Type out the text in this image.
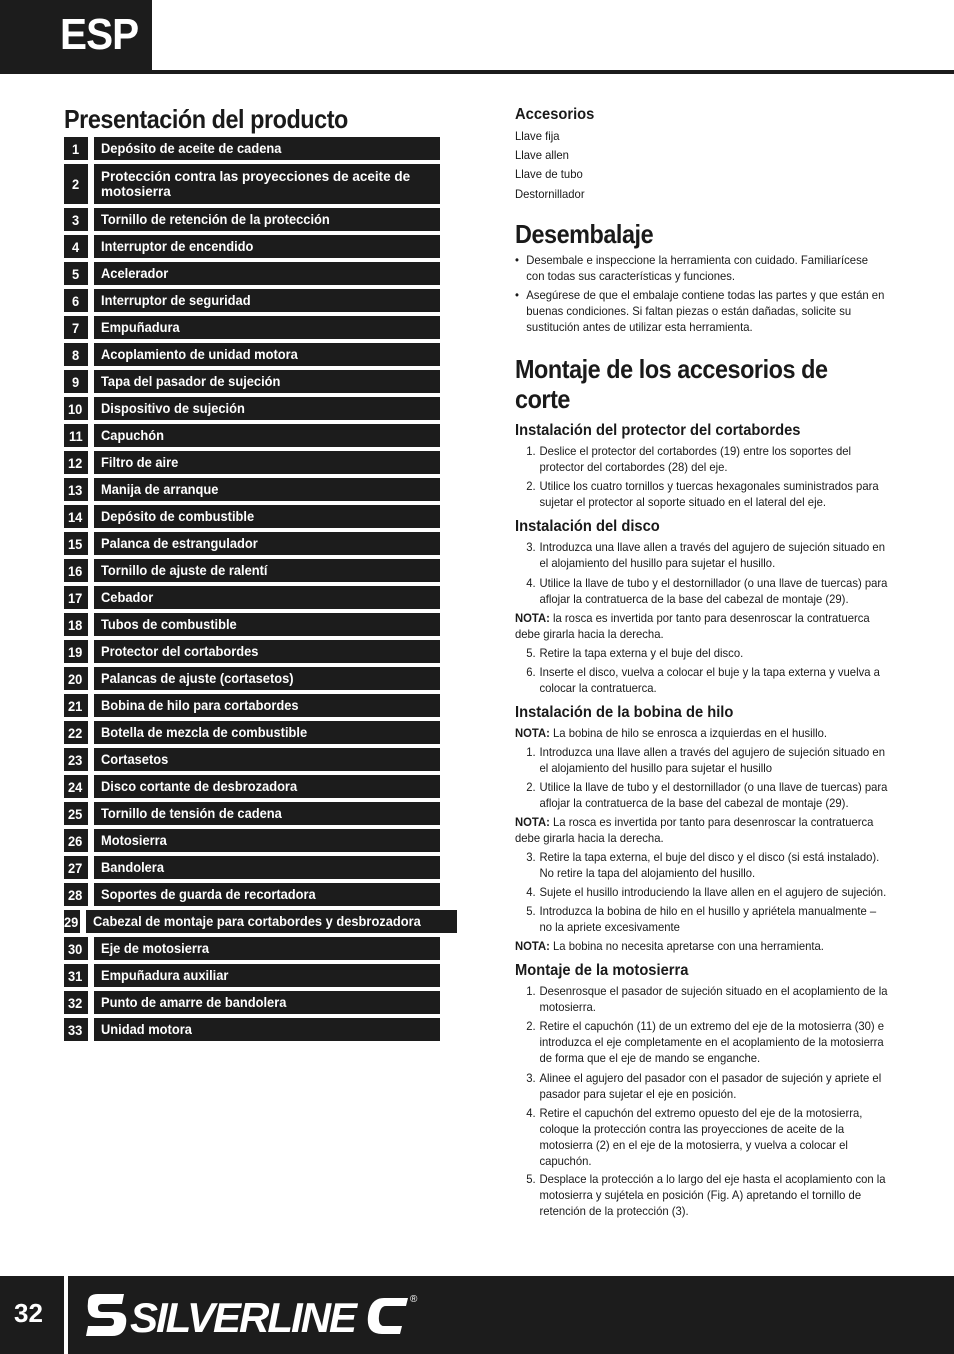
ESP
Presentación del producto
1 Depósito de aceite de cadena
2 Protección contra las proyecciones de aceite de motosierra
3 Tornillo de retención de la protección
4 Interruptor de encendido
5 Acelerador
6 Interruptor de seguridad
7 Empuñadura
8 Acoplamiento de unidad motora
9 Tapa del pasador de sujeción
10 Dispositivo de sujeción
11 Capuchón
12 Filtro de aire
13 Manija de arranque
14 Depósito de combustible
15 Palanca de estrangulador
16 Tornillo de ajuste de ralentí
17 Cebador
18 Tubos de combustible
19 Protector del cortabordes
20 Palancas de ajuste (cortasetos)
21 Bobina de hilo para cortabordes
22 Botella de mezcla de combustible
23 Cortasetos
24 Disco cortante de desbrozadora
25 Tornillo de tensión de cadena
26 Motosierra
27 Bandolera
28 Soportes de guarda de recortadora
29 Cabezal de montaje para cortabordes y desbrozadora
30 Eje de motosierra
31 Empuñadura auxiliar
32 Punto de amarre de bandolera
33 Unidad motora
Accesorios
Llave fija
Llave allen
Llave de tubo
Destornillador
Desembalaje
• Desembale e inspeccione la herramienta con cuidado. Familiarícese con todas sus características y funciones.
• Asegúrese de que el embalaje contiene todas las partes y que están en buenas condiciones. Si faltan piezas o están dañadas, solicite su sustitución antes de utilizar esta herramienta.
Montaje de los accesorios de
corte
Instalación del protector del cortabordes
1. Deslice el protector del cortabordes (19) entre los soportes del protector del cortabordes (28) del eje.
2. Utilice los cuatro tornillos y tuercas hexagonales suministrados para sujetar el protector al soporte situado en el lateral del eje.
Instalación del disco
3. Introduzca una llave allen a través del agujero de sujeción situado en el alojamiento del husillo para sujetar el husillo.
4. Utilice la llave de tubo y el destornillador (o una llave de tuercas) para aflojar la contratuerca de la base del cabezal de montaje (29).
NOTA: la rosca es invertida por tanto para desenroscar la contratuerca debe girarla hacia la derecha.
5. Retire la tapa externa y el buje del disco.
6. Inserte el disco, vuelva a colocar el buje y la tapa externa y vuelva a colocar la contratuerca.
Instalación de la bobina de hilo
NOTA: La bobina de hilo se enrosca a izquierdas en el husillo.
1. Introduzca una llave allen a través del agujero de sujeción situado en el alojamiento del husillo para sujetar el husillo
2. Utilice la llave de tubo y el destornillador (o una llave de tuercas) para aflojar la contratuerca de la base del cabezal de montaje (29).
NOTA: La rosca es invertida por tanto para desenroscar la contratuerca debe girarla hacia la derecha.
3. Retire la tapa externa, el buje del disco y el disco (si está instalado). No retire la tapa del alojamiento del husillo.
4. Sujete el husillo introduciendo la llave allen en el agujero de sujeción.
5. Introduzca la bobina de hilo en el husillo y apriétela manualmente – no la apriete excesivamente
NOTA: La bobina no necesita apretarse con una herramienta.
Montaje de la motosierra
1. Desenrosque el pasador de sujeción situado en el acoplamiento de la motosierra.
2. Retire el capuchón (11) de un extremo del eje de la motosierra (30) e introduzca el eje completamente en el acoplamiento de la motosierra de forma que el eje de mando se enganche.
3. Alinee el agujero del pasador con el pasador de sujeción y apriete el pasador para sujetar el eje en posición.
4. Retire el capuchón del extremo opuesto del eje de la motosierra, coloque la protección contra las proyecciones de aceite de la motosierra (2) en el eje de la motosierra, y vuelva a colocar el capuchón.
5. Desplace la protección a lo largo del eje hasta el acoplamiento con la motosierra y sujétela en posición (Fig. A) apretando el tornillo de retención de la protección (3).
32 SILVERLINE	®
